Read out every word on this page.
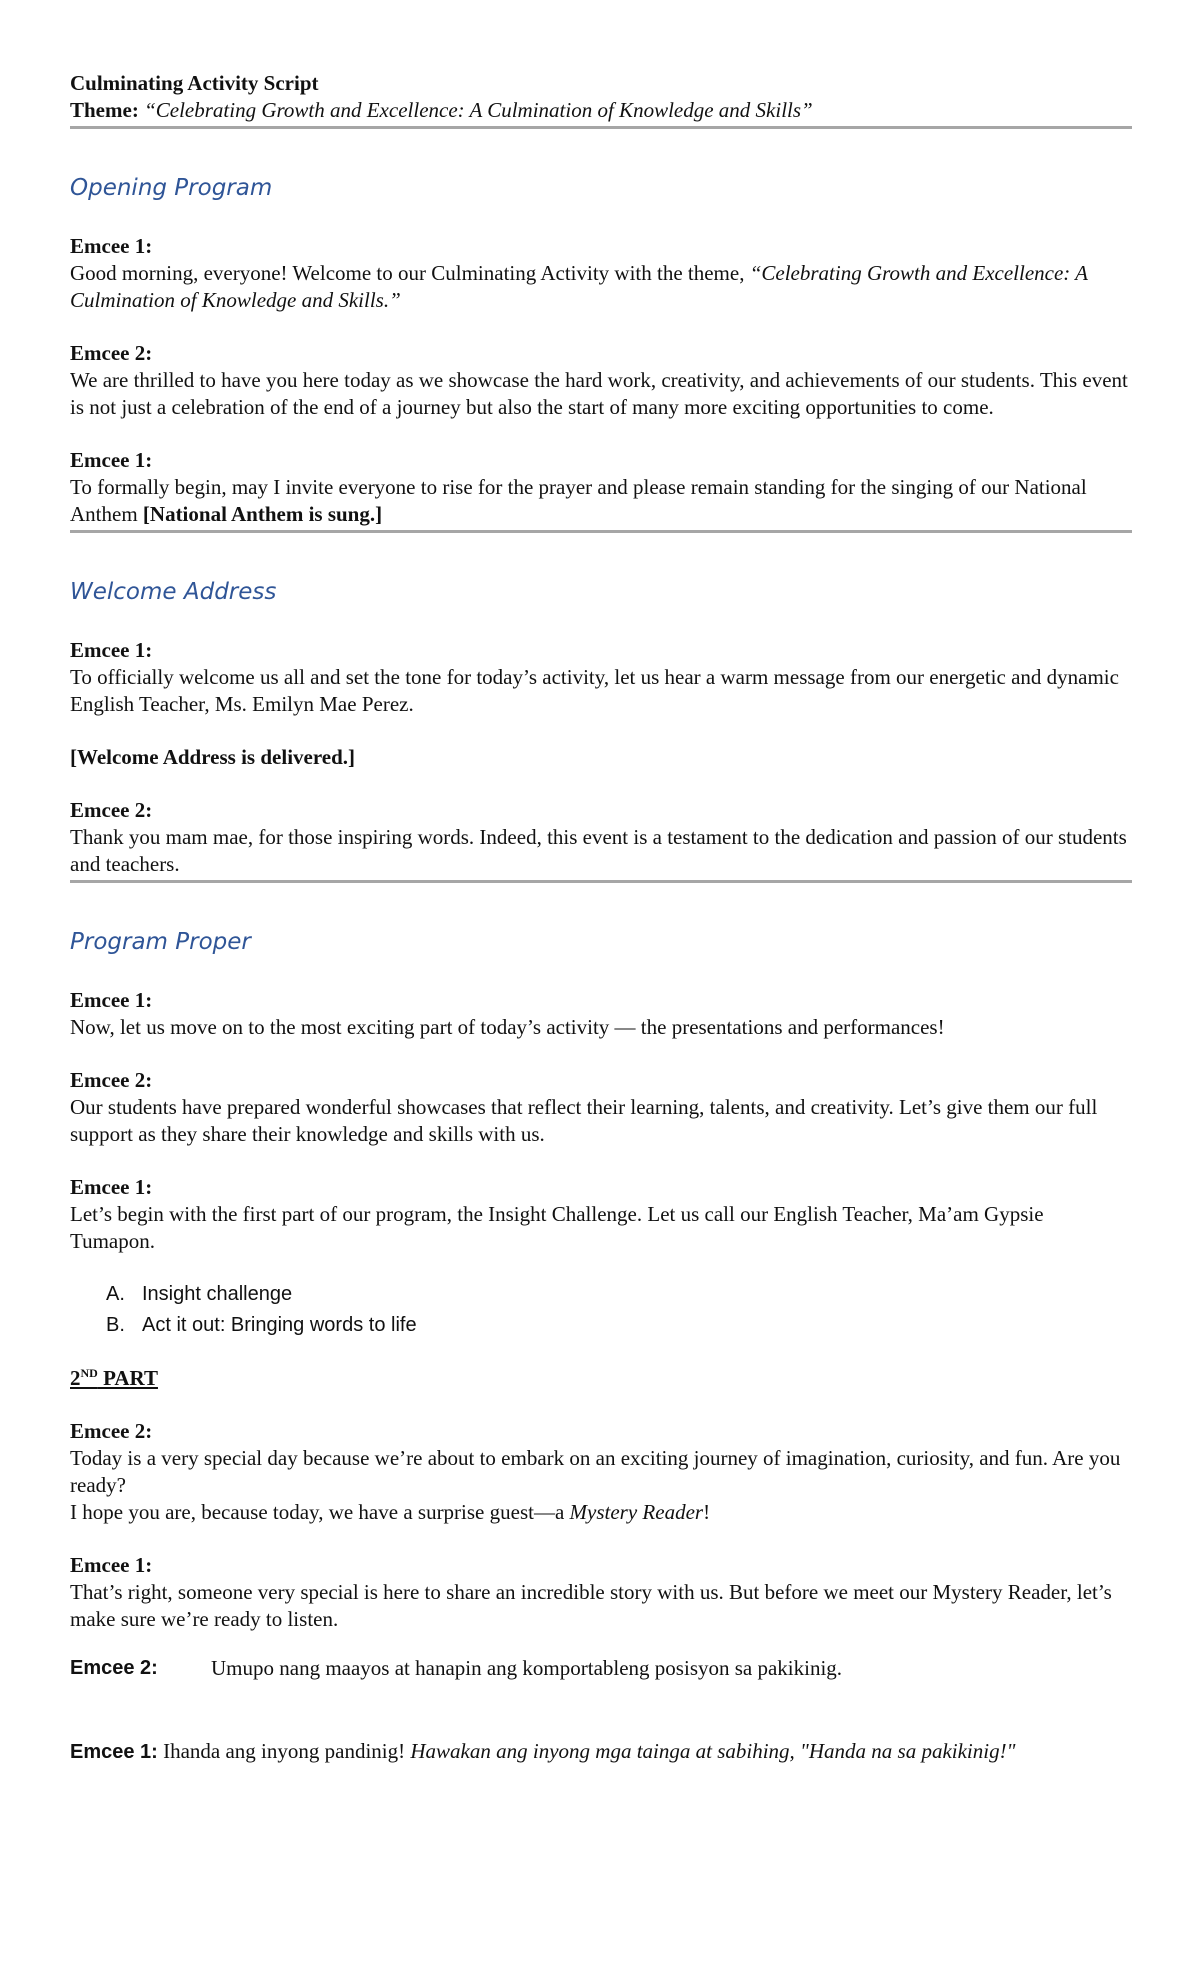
Culminating Activity Script

Theme: “Celebrating Growth and Excellence: A Culmination of Knowledge and Skills”

Opening Program

Emcee 1:

Good morning, everyone! Welcome to our Culminating Activity with the theme, “Celebrating Growth and Excellence: A Culmination of Knowledge and Skills.”

Emcee 2:

We are thrilled to have you here today as we showcase the hard work, creativity, and achievements of our students. This event is not just a celebration of the end of a journey but also the start of many more exciting opportunities to come.

Emcee 1:

To formally begin, may I invite everyone to rise for the prayer and please remain standing for the singing of our National Anthem [National Anthem is sung.]

Welcome Address

Emcee 1:

To officially welcome us all and set the tone for today’s activity, let us hear a warm message from our energetic and dynamic English Teacher, Ms. Emilyn Mae Perez.

[Welcome Address is delivered.]

Emcee 2:

Thank you mam mae, for those inspiring words. Indeed, this event is a testament to the dedication and passion of our students and teachers.

Program Proper

Emcee 1:

Now, let us move on to the most exciting part of today’s activity — the presentations and performances!

Emcee 2:

Our students have prepared wonderful showcases that reflect their learning, talents, and creativity. Let’s give them our full support as they share their knowledge and skills with us.

Emcee 1:

Let’s begin with the first part of our program, the Insight Challenge. Let us call our English Teacher, Ma’am Gypsie Tumapon.

A. Insight challenge
B. Act it out: Bringing words to life

2ND PART

Emcee 2:

Today is a very special day because we’re about to embark on an exciting journey of imagination, curiosity, and fun. Are you ready?

I hope you are, because today, we have a surprise guest—a Mystery Reader!

Emcee 1:

That’s right, someone very special is here to share an incredible story with us. But before we meet our Mystery Reader, let’s make sure we’re ready to listen.

Emcee 2:	Umupo nang maayos at hanapin ang komportableng posisyon sa pakikinig.

Emcee 1: Ihanda ang inyong pandinig! Hawakan ang inyong mga tainga at sabihing, "Handa na sa pakikinig!"
